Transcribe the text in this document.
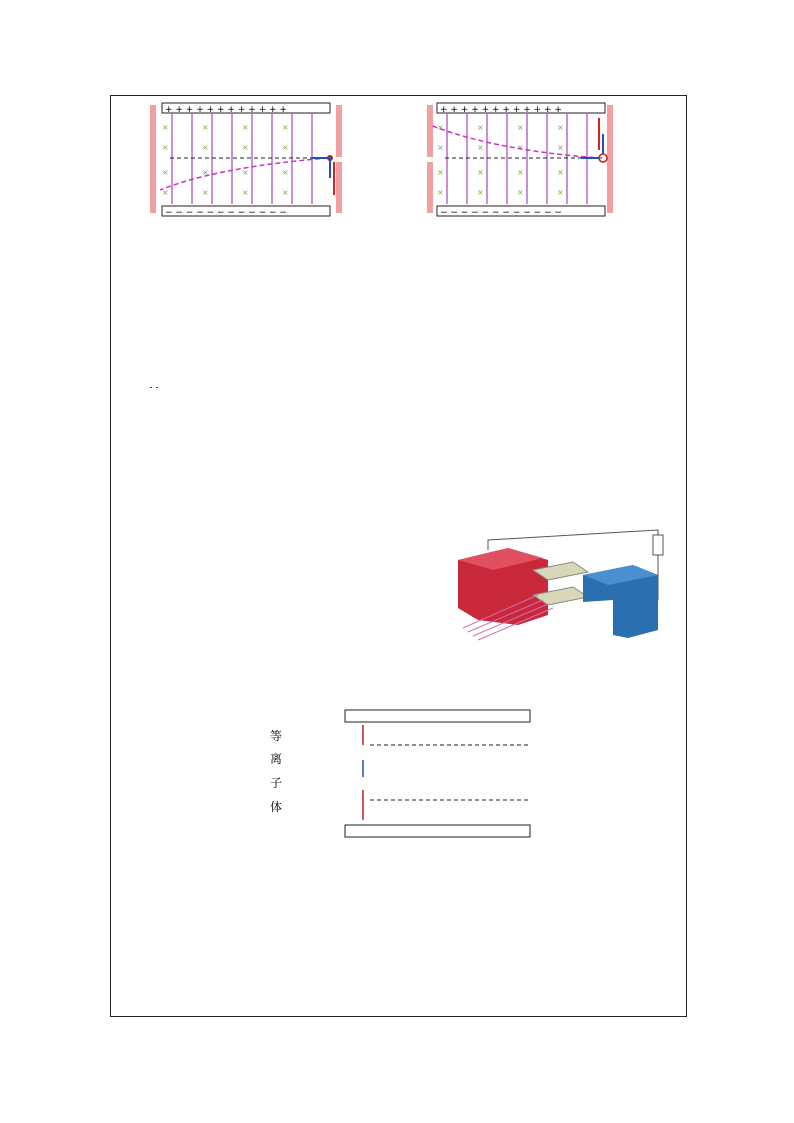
+ + + + + + + + + + + +
− − − − − − − − − − − −
×	×	×	×
×	×	×	×
×	×	×	×
×	×	×	×
+ + + + + + + + + + + +
− − − − − − − − − − − −
×	×	×	×
×	×	×	×
×	×	×	×
×	×	×	×

等
离
子
体
